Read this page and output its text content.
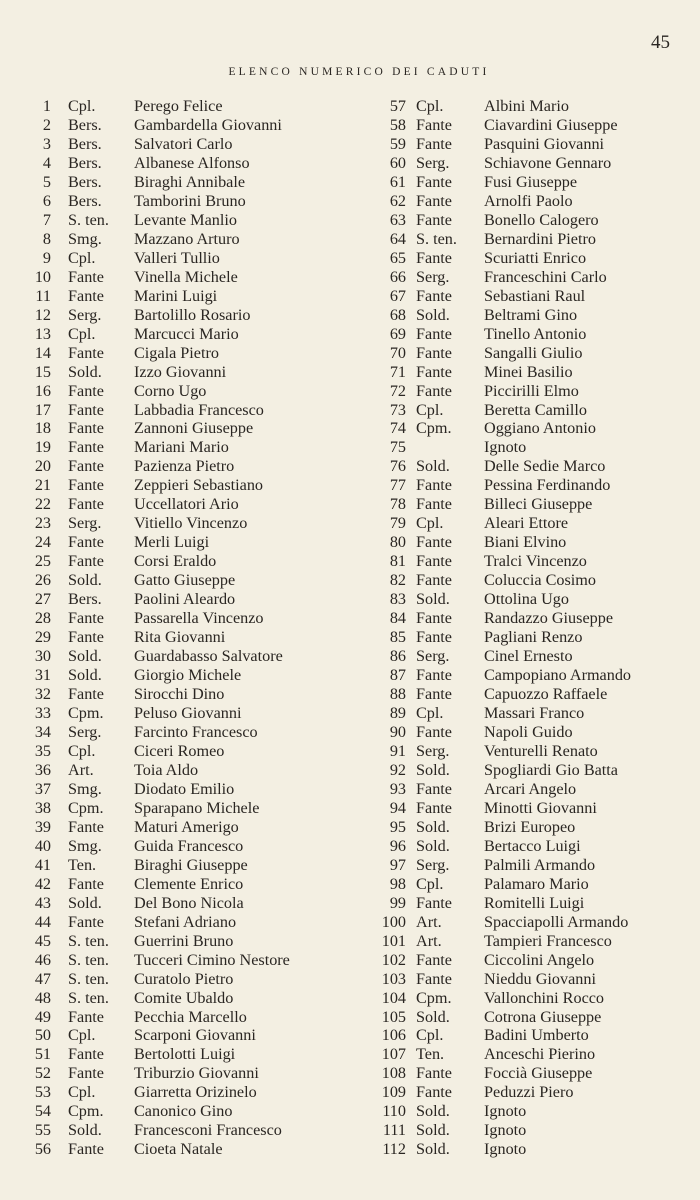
45
ELENCO NUMERICO DEI CADUTI
1 Cpl. Perego Felice
2 Bers. Gambardella Giovanni
3 Bers. Salvatori Carlo
4 Bers. Albanese Alfonso
5 Bers. Biraghi Annibale
6 Bers. Tamborini Bruno
7 S. ten. Levante Manlio
8 Smg. Mazzano Arturo
9 Cpl. Valleri Tullio
10 Fante Vinella Michele
11 Fante Marini Luigi
12 Serg. Bartolillo Rosario
13 Cpl. Marcucci Mario
14 Fante Cigala Pietro
15 Sold. Izzo Giovanni
16 Fante Corno Ugo
17 Fante Labbadia Francesco
18 Fante Zannoni Giuseppe
19 Fante Mariani Mario
20 Fante Pazienza Pietro
21 Fante Zeppieri Sebastiano
22 Fante Uccellatori Ario
23 Serg. Vitiello Vincenzo
24 Fante Merli Luigi
25 Fante Corsi Eraldo
26 Sold. Gatto Giuseppe
27 Bers. Paolini Aleardo
28 Fante Passarella Vincenzo
29 Fante Rita Giovanni
30 Sold. Guardabasso Salvatore
31 Sold. Giorgio Michele
32 Fante Sirocchi Dino
33 Cpm. Peluso Giovanni
34 Serg. Farcinto Francesco
35 Cpl. Ciceri Romeo
36 Art. Toia Aldo
37 Smg. Diodato Emilio
38 Cpm. Sparapano Michele
39 Fante Maturi Amerigo
40 Smg. Guida Francesco
41 Ten. Biraghi Giuseppe
42 Fante Clemente Enrico
43 Sold. Del Bono Nicola
44 Fante Stefani Adriano
45 S. ten. Guerrini Bruno
46 S. ten. Tucceri Cimino Nestore
47 S. ten. Curatolo Pietro
48 S. ten. Comite Ubaldo
49 Fante Pecchia Marcello
50 Cpl. Scarponi Giovanni
51 Fante Bertolotti Luigi
52 Fante Triburzio Giovanni
53 Cpl. Giarretta Orizinelo
54 Cpm. Canonico Gino
55 Sold. Francesconi Francesco
56 Fante Cioeta Natale
57 Cpl.	Albini Mario
58 Fante Ciavardini Giuseppe
59 Fante Pasquini Giovanni
60 Serg. Schiavone Gennaro
61 Fante Fusi Giuseppe
62 Fante Arnolfi Paolo
63 Fante Bonello Calogero
64 S. ten. Bernardini Pietro
65 Fante Scuriatti Enrico
66 Serg. Franceschini Carlo
67 Fante Sebastiani Raul
68 Sold. Beltrami Gino
69 Fante Tinello Antonio
70 Fante Sangalli Giulio
71 Fante Minei Basilio
72 Fante Piccirilli Elmo
73 Cpl.	Beretta Camillo
74 Cpm. Oggiano Antonio
75	Ignoto
76 Sold. Delle Sedie Marco
77 Fante Pessina Ferdinando
78 Fante Billeci Giuseppe
79 Cpl.	Aleari Ettore
80 Fante Biani Elvino
81 Fante Tralci Vincenzo
82 Fante Coluccia Cosimo
83 Sold. Ottolina Ugo
84 Fante Randazzo Giuseppe
85 Fante Pagliani Renzo
86 Serg. Cinel Ernesto
87 Fante Campopiano Armando
88 Fante Capuozzo Raffaele
89 Cpl.	Massari Franco
90 Fante Napoli Guido
91 Serg. Venturelli Renato
92 Sold. Spogliardi Gio Batta
93 Fante Arcari Angelo
94 Fante Minotti Giovanni
95 Sold. Brizi Europeo
96 Sold. Bertacco Luigi
97 Serg. Palmili Armando
98 Cpl.	Palamaro Mario
99 Fante Romitelli Luigi
100 Art.	Spacciapolli Armando
101 Art.	Tampieri Francesco
102 Fante Ciccolini Angelo
103 Fante Nieddu Giovanni
104 Cpm. Vallonchini Rocco
105 Sold. Cotrona Giuseppe
106 Cpl.	Badini Umberto
107 Ten. Anceschi Pierino
108 Fante Foccià Giuseppe
109 Fante Peduzzi Piero
110 Sold. Ignoto
111 Sold. Ignoto
112 Sold. Ignoto
